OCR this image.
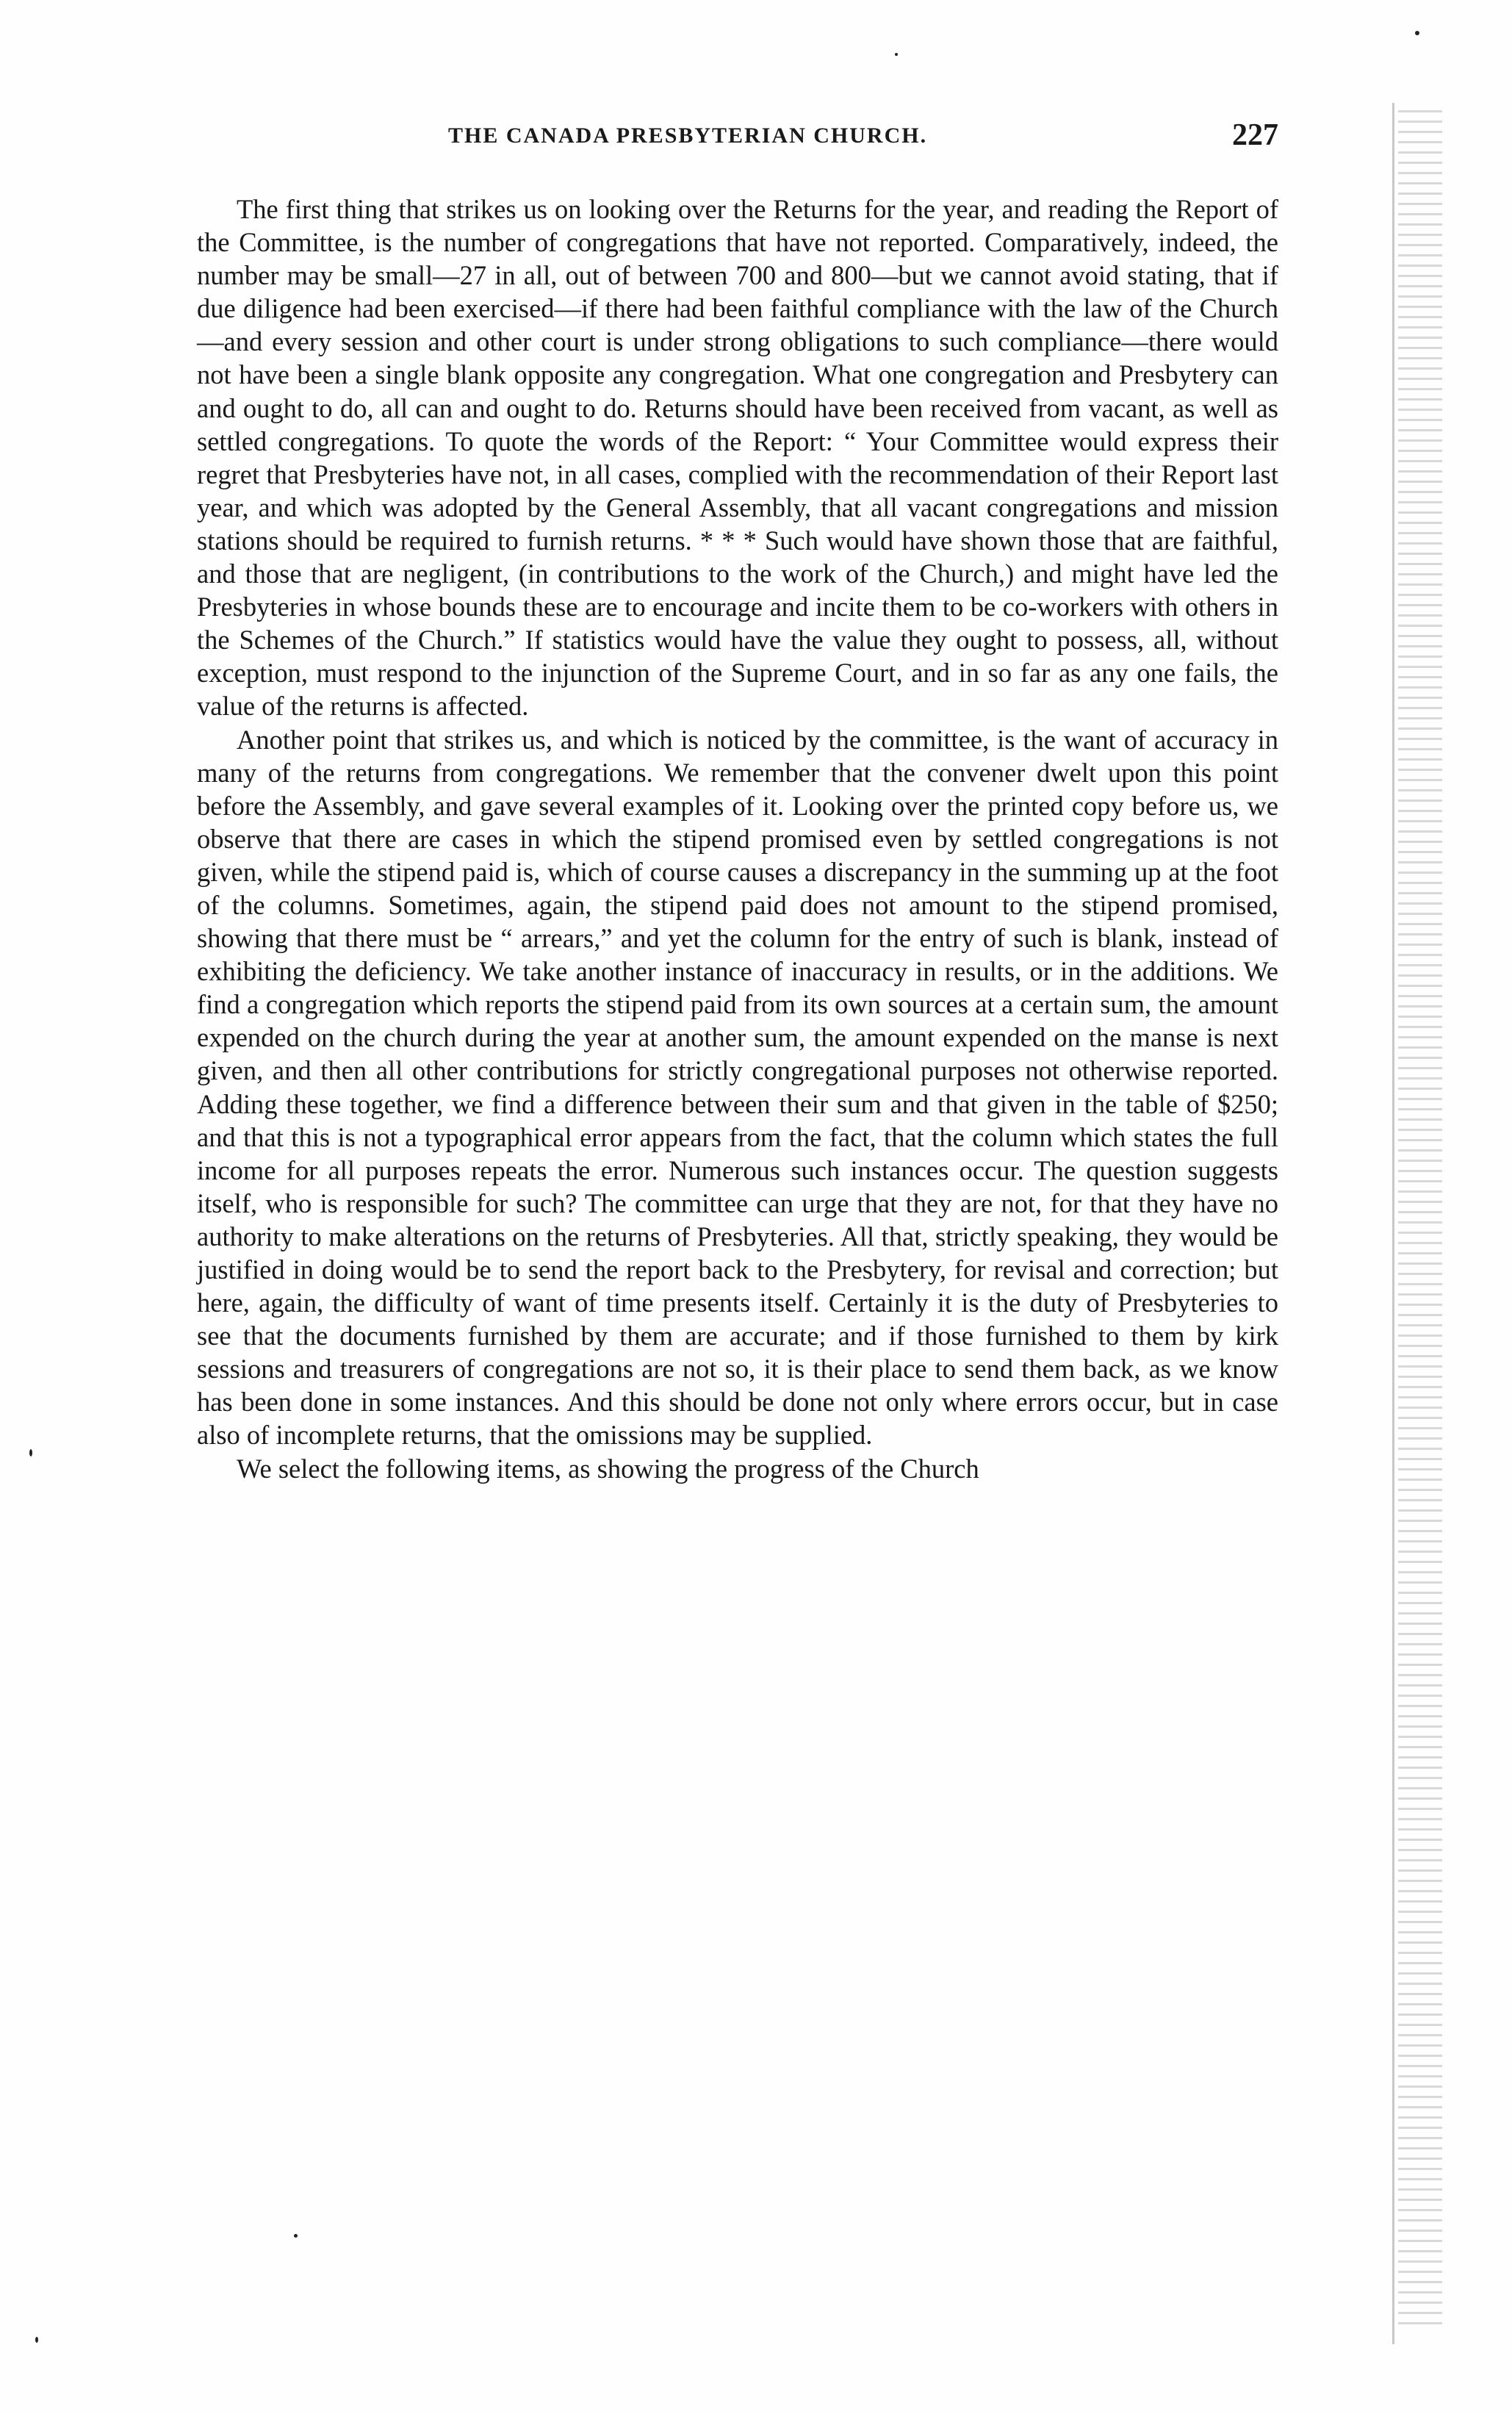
THE CANADA PRESBYTERIAN CHURCH.	227

The first thing that strikes us on looking over the Returns for the year, and reading the Report of the Committee, is the number of congregations that have not reported. Comparatively, indeed, the number may be small—27 in all, out of between 700 and 800—but we cannot avoid stating, that if due diligence had been exercised—if there had been faithful compliance with the law of the Church—and every session and other court is under strong obligations to such compliance—there would not have been a single blank opposite any congregation. What one congregation and Presbytery can and ought to do, all can and ought to do. Returns should have been received from vacant, as well as settled congregations. To quote the words of the Report: “ Your Committee would express their regret that Presbyteries have not, in all cases, complied with the recommendation of their Report last year, and which was adopted by the General Assembly, that all vacant congregations and mission stations should be required to furnish returns. * * * Such would have shown those that are faithful, and those that are negligent, (in contributions to the work of the Church,) and might have led the Presbyteries in whose bounds these are to encourage and incite them to be co-workers with others in the Schemes of the Church.” If statistics would have the value they ought to possess, all, without exception, must respond to the injunction of the Supreme Court, and in so far as any one fails, the value of the returns is affected.

Another point that strikes us, and which is noticed by the committee, is the want of accuracy in many of the returns from congregations. We remember that the convener dwelt upon this point before the Assembly, and gave several examples of it. Looking over the printed copy before us, we observe that there are cases in which the stipend promised even by settled congregations is not given, while the stipend paid is, which of course causes a discrepancy in the summing up at the foot of the columns. Sometimes, again, the stipend paid does not amount to the stipend promised, showing that there must be “ arrears,” and yet the column for the entry of such is blank, instead of exhibiting the deficiency. We take another instance of inaccuracy in results, or in the additions. We find a congregation which reports the stipend paid from its own sources at a certain sum, the amount expended on the church during the year at another sum, the amount expended on the manse is next given, and then all other contributions for strictly congregational purposes not otherwise reported. Adding these together, we find a difference between their sum and that given in the table of $250; and that this is not a typographical error appears from the fact, that the column which states the full income for all purposes repeats the error. Numerous such instances occur. The question suggests itself, who is responsible for such? The committee can urge that they are not, for that they have no authority to make alterations on the returns of Presbyteries. All that, strictly speaking, they would be justified in doing would be to send the report back to the Presbytery, for revisal and correction; but here, again, the difficulty of want of time presents itself. Certainly it is the duty of Presbyteries to see that the documents furnished by them are accurate; and if those furnished to them by kirk sessions and treasurers of congregations are not so, it is their place to send them back, as we know has been done in some instances. And this should be done not only where errors occur, but in case also of incomplete returns, that the omissions may be supplied.

We select the following items, as showing the progress of the Church
